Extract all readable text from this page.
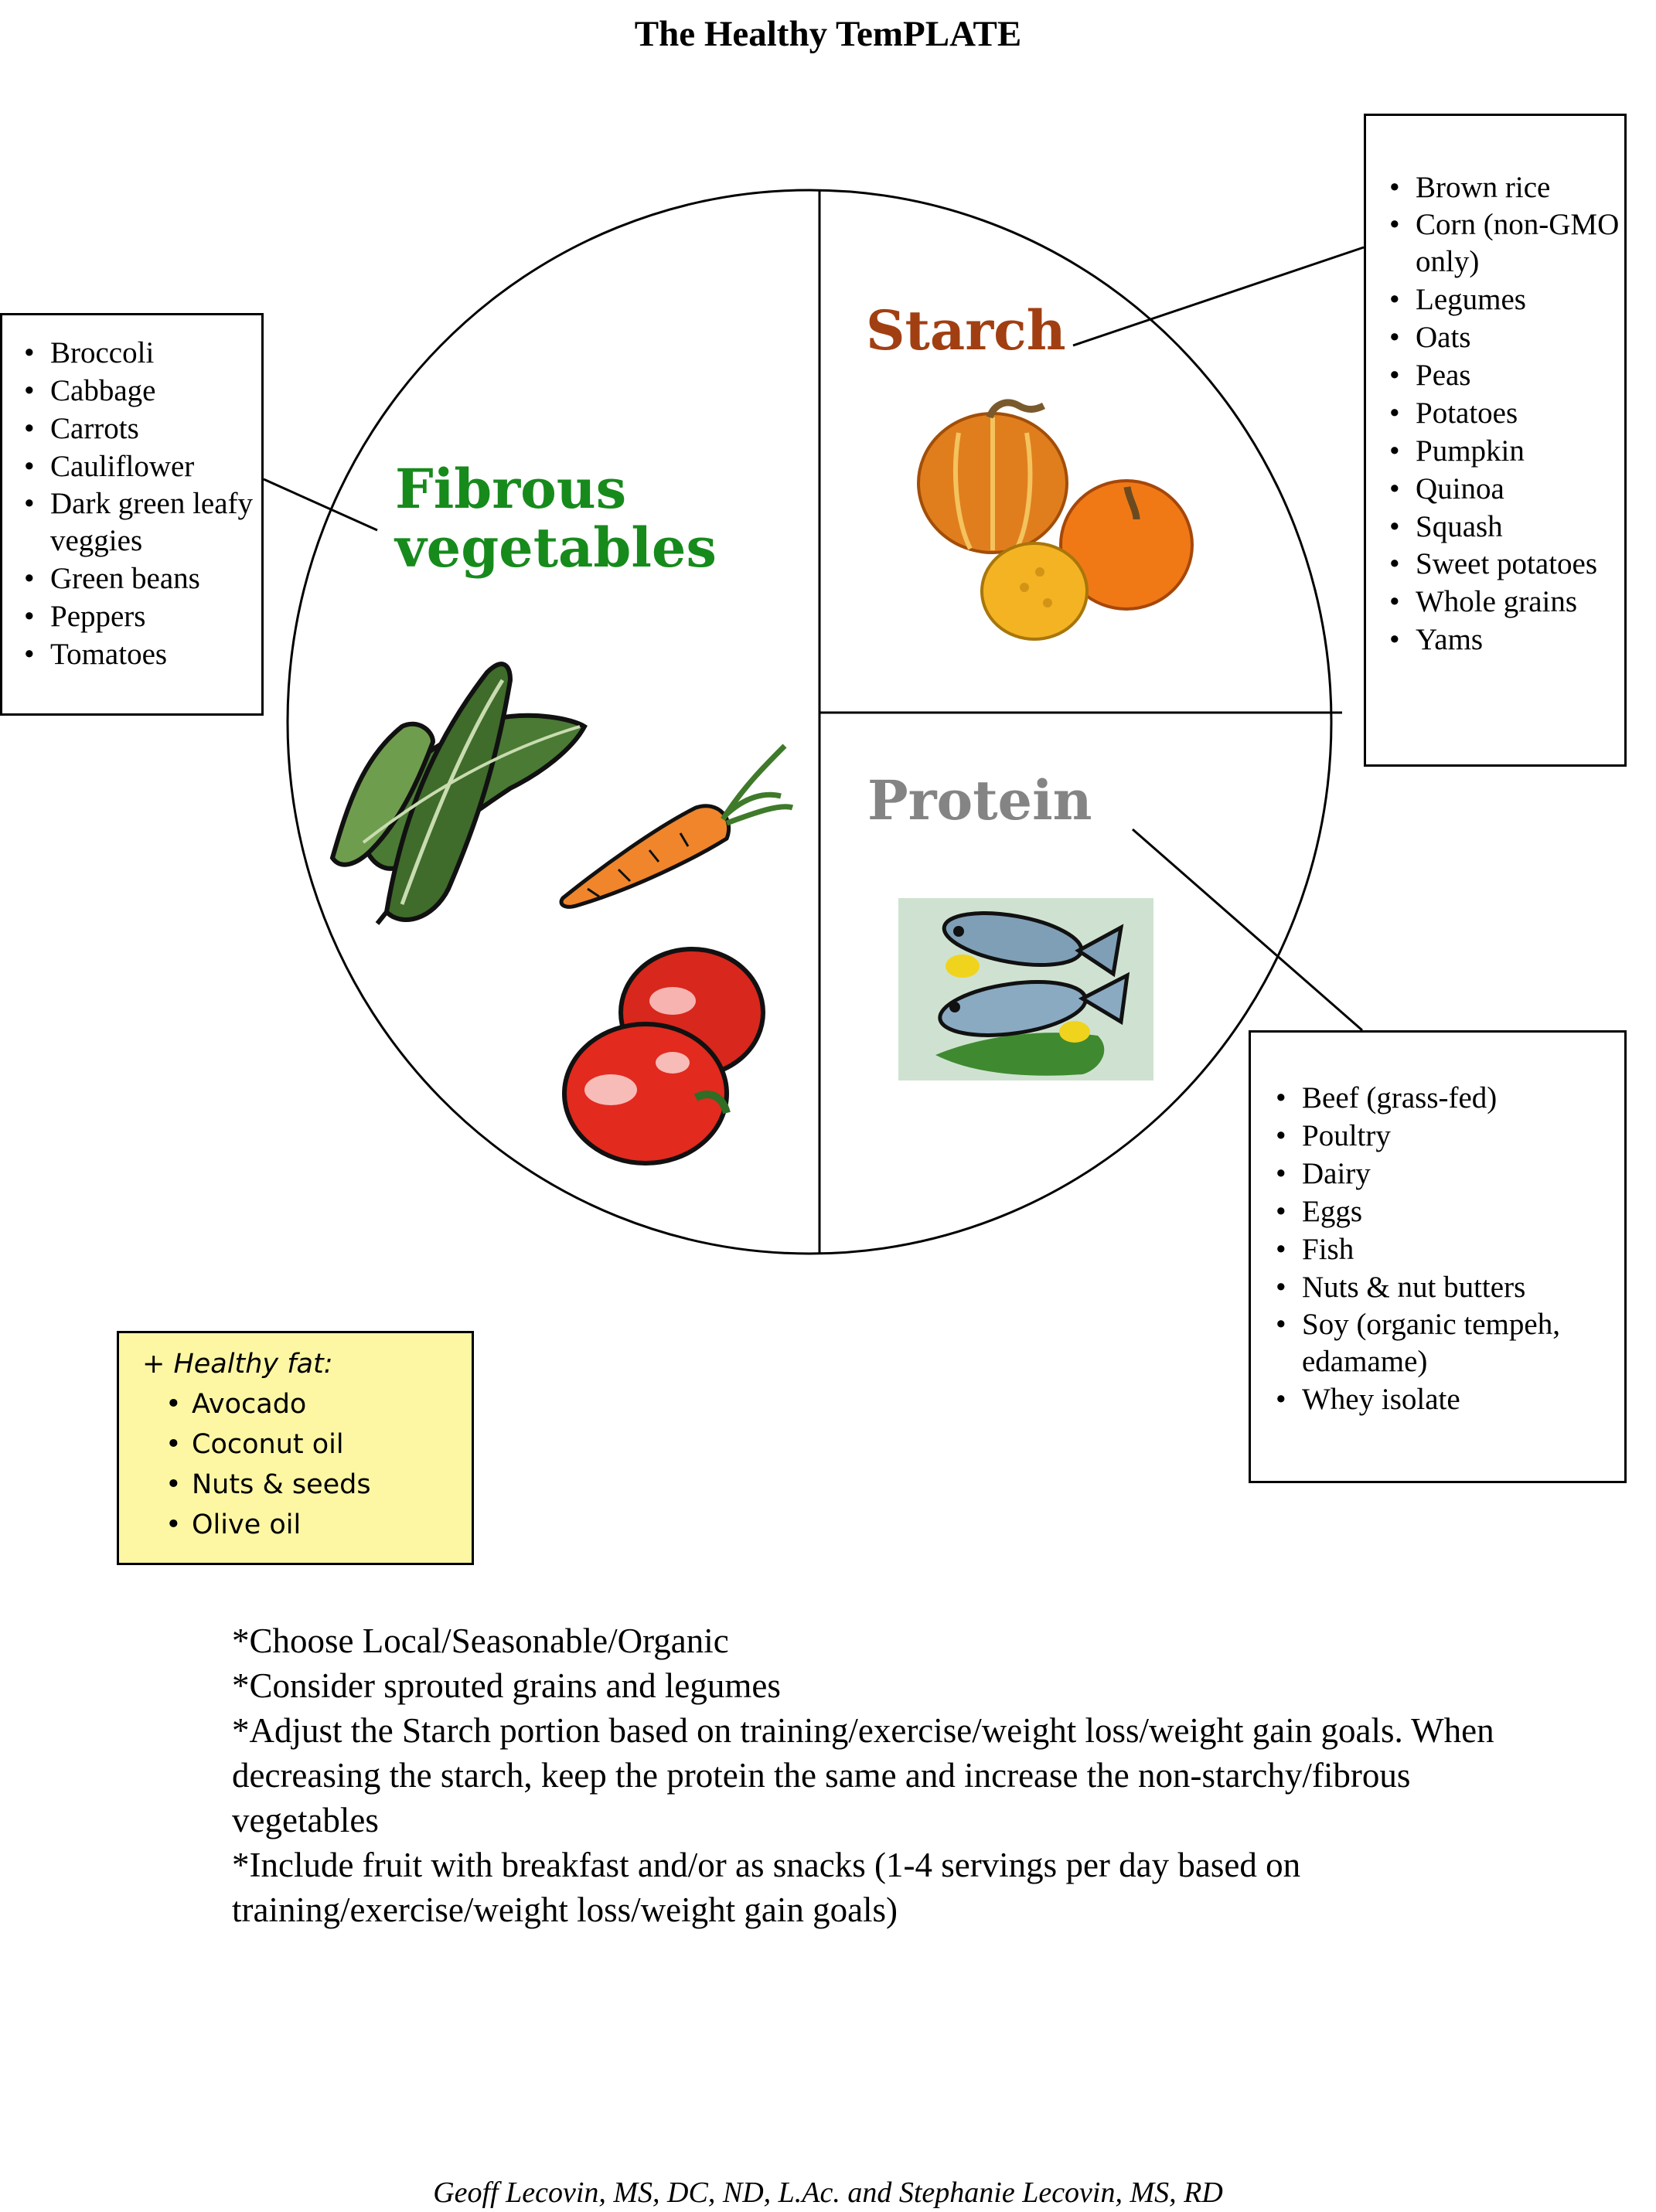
The Healthy TemPLATE
Fibrous
vegetables
Starch
Protein
• Broccoli
• Cabbage
• Carrots
• Cauliflower
• Dark green leafy veggies
• Green beans
• Peppers
• Tomatoes
• Brown rice
• Corn (non-GMO only)
• Legumes
• Oats
• Peas
• Potatoes
• Pumpkin
• Quinoa
• Squash
• Sweet potatoes
• Whole grains
• Yams
• Beef (grass-fed)
• Poultry
• Dairy
• Eggs
• Fish
• Nuts & nut butters
• Soy (organic tempeh, edamame)
• Whey isolate
+ Healthy fat:
• Avocado
• Coconut oil
• Nuts & seeds
• Olive oil

*Choose Local/Seasonable/Organic

*Consider sprouted grains and legumes

*Adjust the Starch portion based on training/exercise/weight loss/weight gain goals. When decreasing the starch, keep the protein the same and increase the non-starchy/fibrous vegetables

*Include fruit with breakfast and/or as snacks (1-4 servings per day based on training/exercise/weight loss/weight gain goals)

Geoff Lecovin, MS, DC, ND, L.Ac. and Stephanie Lecovin, MS, RD
